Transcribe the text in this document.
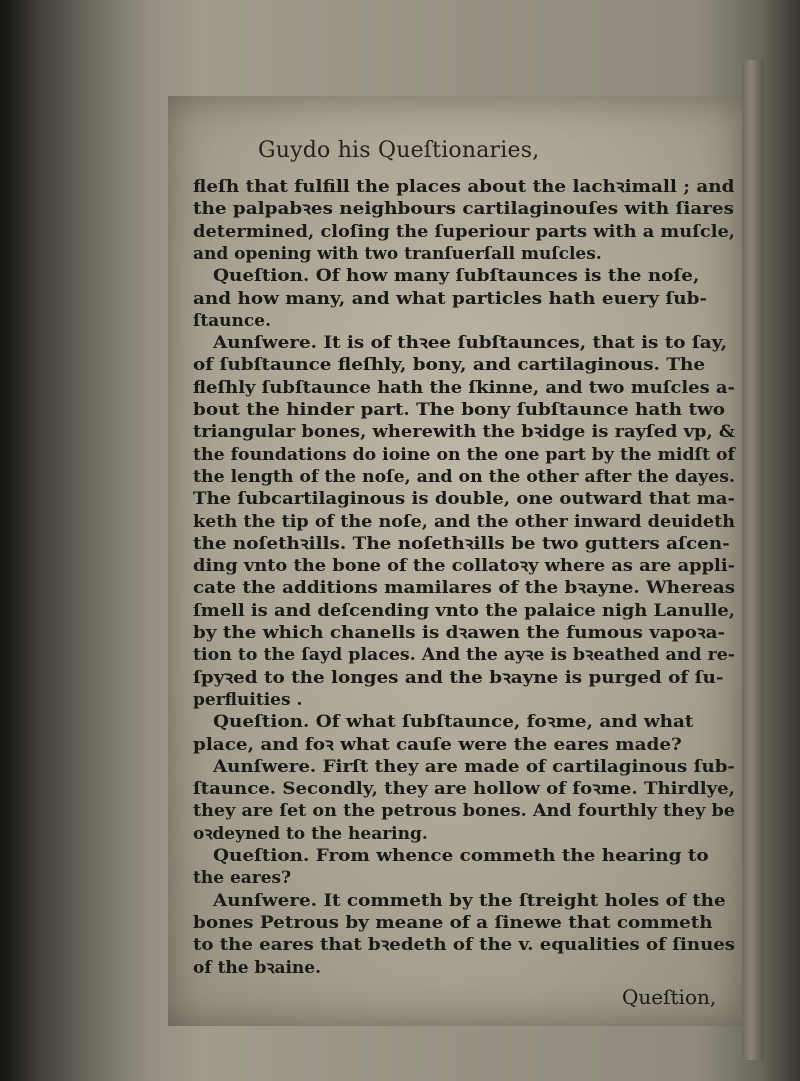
Guydo his Queſtionaries,
fleſh that fulfill the places about the lachꝛimall ; and
the palpabꝛes neighbours cartilaginouſes with ſiares
determined, cloſing the ſuperiour parts with a muſcle,
and opening with two tranſuerſall muſcles.
Queſtion. Of how many ſubſtaunces is the noſe,
and how many, and what particles hath euery ſub-
ſtaunce.
Aunſwere. It is of thꝛee ſubſtaunces, that is to ſay,
of ſubſtaunce fleſhly, bony, and cartilaginous. The
fleſhly ſubſtaunce hath the ſkinne, and two muſcles a-
bout the hinder part. The bony ſubſtaunce hath two
triangular bones, wherewith the bꝛidge is rayſed vp, &
the foundations do ioine on the one part by the midſt of
the length of the noſe, and on the other after the dayes.
The ſubcartilaginous is double, one outward that ma-
keth the tip of the noſe, and the other inward deuideth
the noſethꝛills. The noſethꝛills be two gutters aſcen-
ding vnto the bone of the collatoꝛy where as are appli-
cate the additions mamilares of the bꝛayne. Whereas
ſmell is and deſcending vnto the palaice nigh Lanulle,
by the which chanells is dꝛawen the fumous vapoꝛa-
tion to the ſayd places. And the ayꝛe is bꝛeathed and re-
ſpyꝛed to the longes and the bꝛayne is purged of ſu-
perfluities .
Queſtion. Of what ſubſtaunce, foꝛme, and what
place, and foꝛ what cauſe were the eares made?
Aunſwere. Firſt they are made of cartilaginous ſub-
ſtaunce. Secondly, they are hollow of foꝛme. Thirdlye,
they are ſet on the petrous bones. And fourthly they be
oꝛdeyned to the hearing.
Queſtion. From whence commeth the hearing to
the eares?
Aunſwere. It commeth by the ſtreight holes of the
bones Petrous by meane of a ſinewe that commeth
to the eares that bꝛedeth of the v. equalities of ſinues
of the bꝛaine.
Queſtion,
